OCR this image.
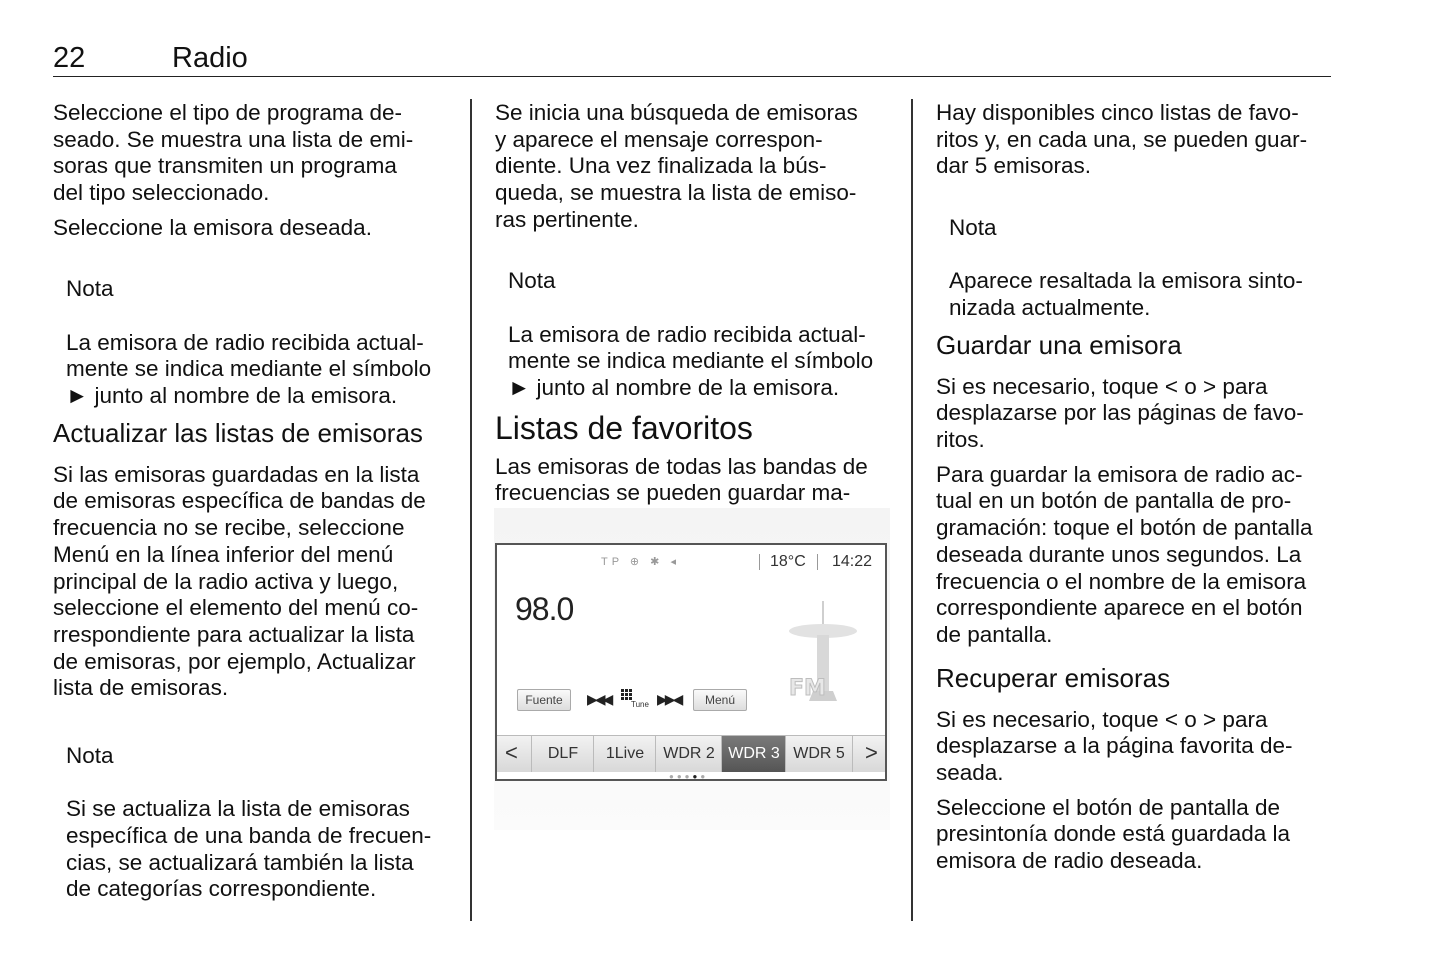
22	Radio

Seleccione el tipo de programa de-
seado. Se muestra una lista de emi-
soras que transmiten un programa
del tipo seleccionado.

Seleccione la emisora deseada.

Nota

La emisora de radio recibida actual-
mente se indica mediante el símbolo
► junto al nombre de la emisora.

Actualizar las listas de emisoras

Si las emisoras guardadas en la lista
de emisoras específica de bandas de
frecuencia no se recibe, seleccione
Menú en la línea inferior del menú
principal de la radio activa y luego,
seleccione el elemento del menú co-
rrespondiente para actualizar la lista
de emisoras, por ejemplo, Actualizar
lista de emisoras.

Nota

Si se actualiza la lista de emisoras
específica de una banda de frecuen-
cias, se actualizará también la lista
de categorías correspondiente.

Se inicia una búsqueda de emisoras
y aparece el mensaje correspon-
diente. Una vez finalizada la bús-
queda, se muestra la lista de emiso-
ras pertinente.

Nota

La emisora de radio recibida actual-
mente se indica mediante el símbolo
► junto al nombre de la emisora.

Listas de favoritos

Las emisoras de todas las bandas de
frecuencias se pueden guardar ma-

TP ⊕ ✱ ◂	18°C 14:22
98.0
FM
Fuente	▶◀◀	Tune ▶▶◀	Menú
<	DLF	1Live	WDR 2 WDR 3 WDR 5 >
●●●●●

Hay disponibles cinco listas de favo-
ritos y, en cada una, se pueden guar-
dar 5 emisoras.

Nota

Aparece resaltada la emisora sinto-
nizada actualmente.

Guardar una emisora

Si es necesario, toque < o > para
desplazarse por las páginas de favo-
ritos.

Para guardar la emisora de radio ac-
tual en un botón de pantalla de pro-
gramación: toque el botón de pantalla
deseada durante unos segundos. La
frecuencia o el nombre de la emisora
correspondiente aparece en el botón
de pantalla.

Recuperar emisoras

Si es necesario, toque < o > para
desplazarse a la página favorita de-
seada.

Seleccione el botón de pantalla de
presintonía donde está guardada la
emisora de radio deseada.
